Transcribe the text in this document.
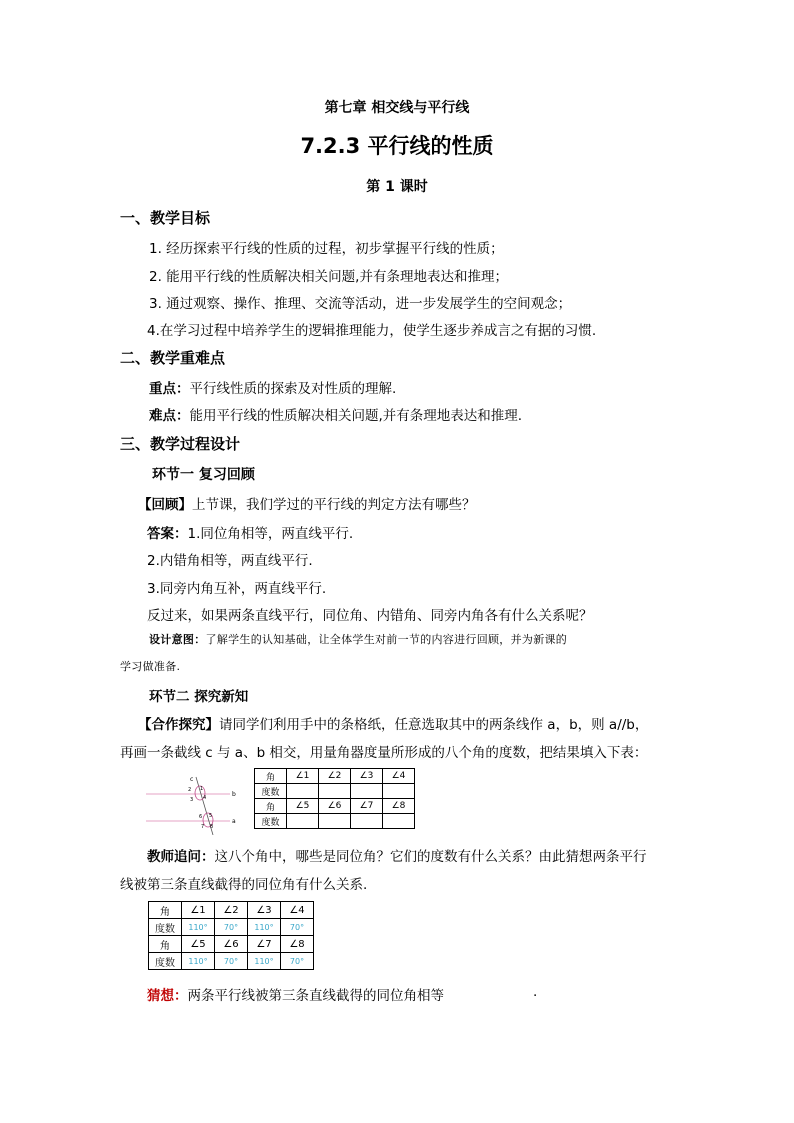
第七章 相交线与平行线
7.2.3 平行线的性质
第 1 课时
一、教学目标
1. 经历探索平行线的性质的过程，初步掌握平行线的性质；
2. 能用平行线的性质解决相关问题,并有条理地表达和推理；
3. 通过观察、操作、推理、交流等活动，进一步发展学生的空间观念；
4.在学习过程中培养学生的逻辑推理能力，使学生逐步养成言之有据的习惯.
二、教学重难点
重点：平行线性质的探索及对性质的理解.
难点：能用平行线的性质解决相关问题,并有条理地表达和推理.
三、教学过程设计
环节一 复习回顾
【回顾】上节课，我们学过的平行线的判定方法有哪些？
答案：1.同位角相等，两直线平行.
2.内错角相等，两直线平行.
3.同旁内角互补，两直线平行.
反过来，如果两条直线平行，同位角、内错角、同旁内角各有什么关系呢？
设计意图：了解学生的认知基础，让全体学生对前一节的内容进行回顾，并为新课的
学习做准备.
环节二 探究新知
【合作探究】请同学们利用手中的条格纸，任意选取其中的两条线作 a，b，则 a//b，
再画一条截线 c 与 a、b 相交，用量角器度量所形成的八个角的度数，把结果填入下表：
c
b
a
2 1
3 4
5
6
7 8
角	∠1	∠2	∠3	∠4
度数				
角	∠5	∠6	∠7	∠8
度数				
教师追问：这八个角中，哪些是同位角？它们的度数有什么关系？由此猜想两条平行
线被第三条直线截得的同位角有什么关系.
角	∠1	∠2	∠3	∠4
度数	110°	70°	110°	70°
角	∠5	∠6	∠7	∠8
度数	110°	70°	110°	70°
猜想：两条平行线被第三条直线截得的同位角相等	.
